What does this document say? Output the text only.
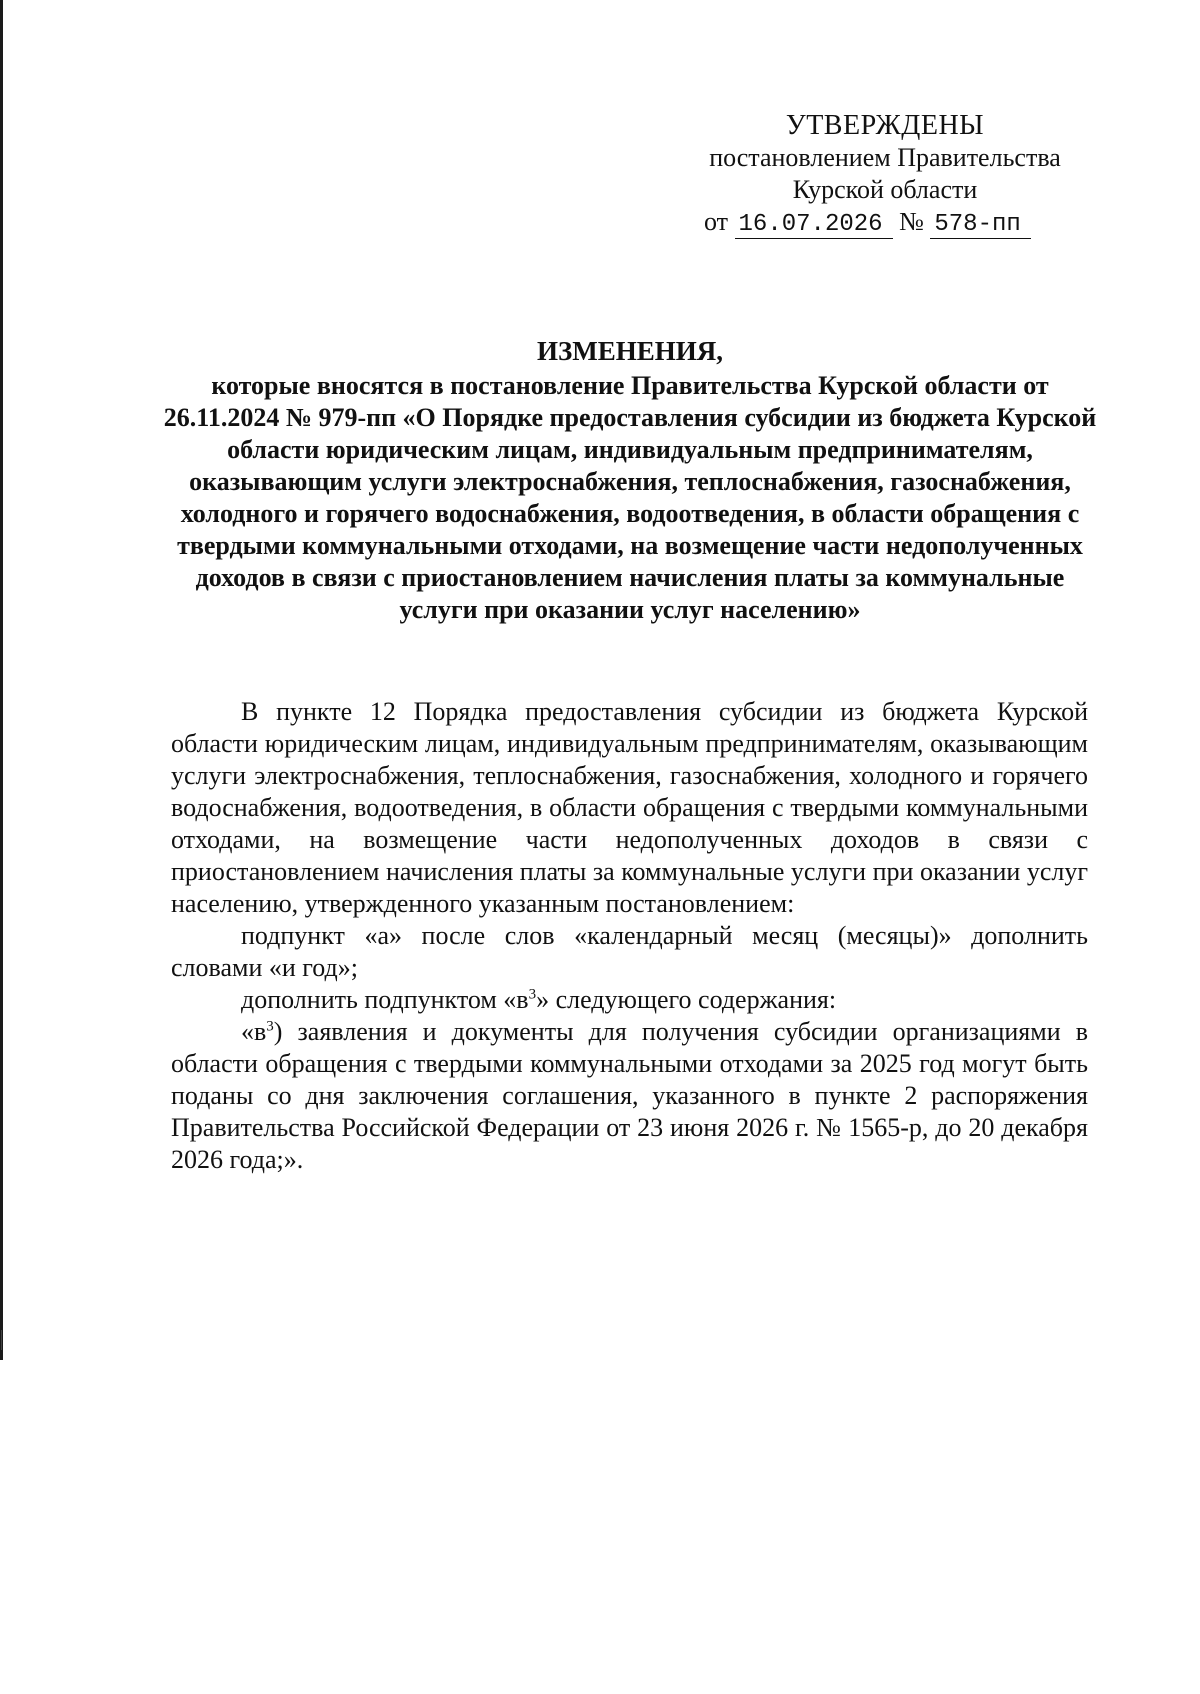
УТВЕРЖДЕНЫ
постановлением Правительства
Курской области
от 16.07.2026 № 578-пп
ИЗМЕНЕНИЯ,
которые вносятся в постановление Правительства Курской области от 26.11.2024 № 979-пп «О Порядке предоставления субсидии из бюджета Курской области юридическим лицам, индивидуальным предпринимателям, оказывающим услуги электроснабжения, теплоснабжения, газоснабжения, холодного и горячего водоснабжения, водоотведения, в области обращения с твердыми коммунальными отходами, на возмещение части недополученных доходов в связи с приостановлением начисления платы за коммунальные услуги при оказании услуг населению»

В пункте 12 Порядка предоставления субсидии из бюджета Курской области юридическим лицам, индивидуальным предпринимателям, оказывающим услуги электроснабжения, теплоснабжения, газоснабжения, холодного и горячего водоснабжения, водоотведения, в области обращения с твердыми коммунальными отходами, на возмещение части недополученных доходов в связи с приостановлением начисления платы за коммунальные услуги при оказании услуг населению, утвержденного указанным постановлением:

подпункт «а» после слов «календарный месяц (месяцы)» дополнить словами «и год»;

дополнить подпунктом «$в^3$» следующего содержания:

«$в^3$) заявления и документы для получения субсидии организациями в области обращения с твердыми коммунальными отходами за 2025 год могут быть поданы со дня заключения соглашения, указанного в пункте 2 распоряжения Правительства Российской Федерации от 23 июня 2026 г. № 1565-р, до 20 декабря 2026 года;».
